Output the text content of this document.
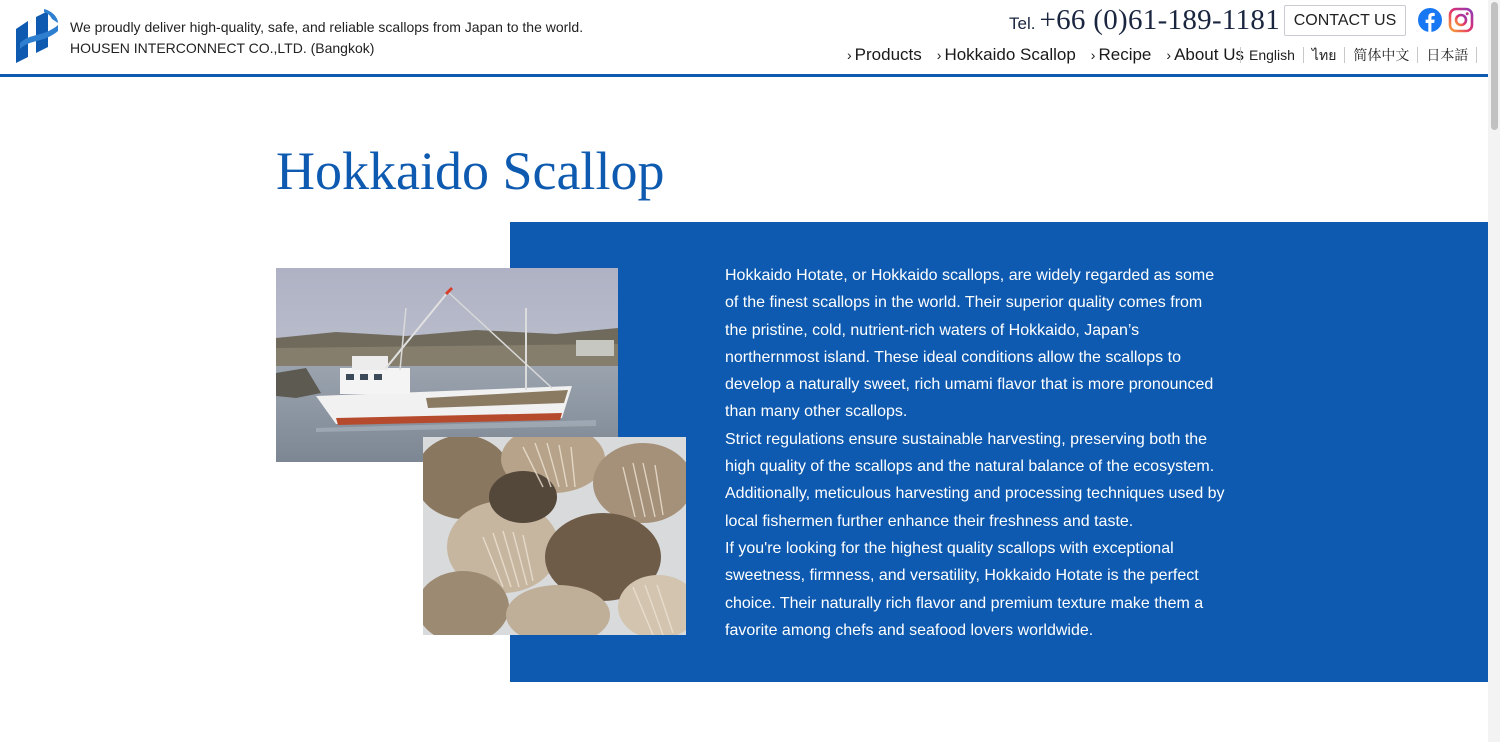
We proudly deliver high-quality, safe, and reliable scallops from Japan to the world.
HOUSEN INTERCONNECT CO.,LTD. (Bangkok)
Tel. +66 (0)61-189-1181 CONTACT US
› Products › Hokkaido Scallop › Recipe › About Us English	ไทย	简体中文	日本語
Hokkaido Scallop

Hokkaido Hotate, or Hokkaido scallops, are widely regarded as some of the finest scallops in the world. Their superior quality comes from the pristine, cold, nutrient-rich waters of Hokkaido, Japan’s northernmost island. These ideal conditions allow the scallops to develop a naturally sweet, rich umami flavor that is more pronounced than many other scallops.

Strict regulations ensure sustainable harvesting, preserving both the high quality of the scallops and the natural balance of the ecosystem. Additionally, meticulous harvesting and processing techniques used by local fishermen further enhance their freshness and taste.

If you're looking for the highest quality scallops with exceptional sweetness, firmness, and versatility, Hokkaido Hotate is the perfect choice. Their naturally rich flavor and premium texture make them a favorite among chefs and seafood lovers worldwide.
